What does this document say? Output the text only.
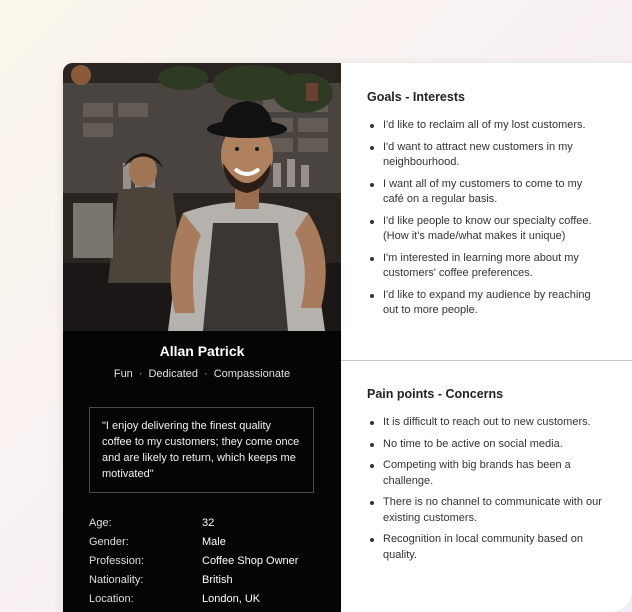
Allan Patrick
Fun · Dedicated · Compassionate
"I enjoy delivering the finest quality coffee to my customers; they come once and are likely to return, which keeps me motivated"
Age:	32
Gender:	Male
Profession:	Coffee Shop Owner
Nationality:	British
Location:	London, UK
Goals - Interests
I'd like to reclaim all of my lost customers.
I'd want to attract new customers in my neighbourhood.
I want all of my customers to come to my café on a regular basis.
I'd like people to know our specialty coffee. (How it's made/what makes it unique)
I'm interested in learning more about my customers' coffee preferences.
I'd like to expand my audience by reaching out to more people.
Pain points - Concerns
It is difficult to reach out to new customers.
No time to be active on social media.
Competing with big brands has been a challenge.
There is no channel to communicate with our existing customers.
Recognition in local community based on quality.
